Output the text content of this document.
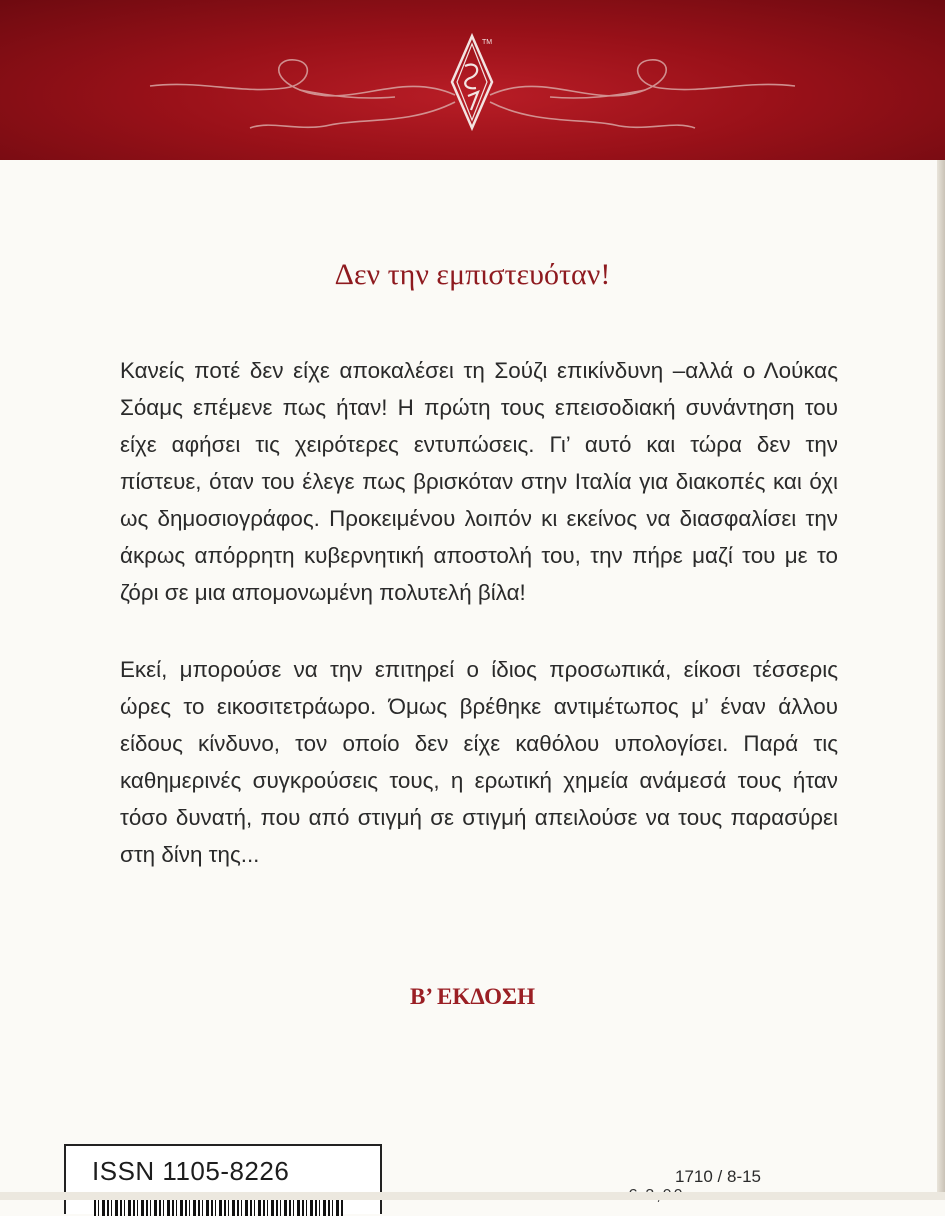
TM
Δεν την εμπιστευόταν!

Κανείς ποτέ δεν είχε αποκαλέσει τη Σούζι επικίνδυνη –αλλά ο Λούκας Σόαμς επέμενε πως ήταν! Η πρώτη τους επεισοδιακή συνάντηση του είχε αφήσει τις χειρότερες εντυπώσεις. Γι’ αυτό και τώρα δεν την πίστευε, όταν του έλεγε πως βρισκόταν στην Ιταλία για διακοπές και όχι ως δημοσιογράφος. Προκειμένου λοιπόν κι εκείνος να διασφαλίσει την άκρως απόρρητη κυβερνητική αποστολή του, την πήρε μαζί του με το ζόρι σε μια απομονωμένη πολυτελή βίλα!

Εκεί, μπορούσε να την επιτηρεί ο ίδιος προσωπικά, είκοσι τέσσερις ώρες το εικοσιτετράωρο. Όμως βρέθηκε αντιμέτωπος μ’ έναν άλλου είδους κίνδυνο, τον οποίο δεν είχε καθόλου υπολογίσει. Παρά τις καθημερινές συγκρούσεις τους, η ερωτική χημεία ανάμεσά τους ήταν τόσο δυνατή, που από στιγμή σε στιγμή απειλούσε να τους παρασύρει στη δίνη της...

Β’ ΕΚΔΟΣΗ
ISSN 1105-8226	1710 / 8-15
